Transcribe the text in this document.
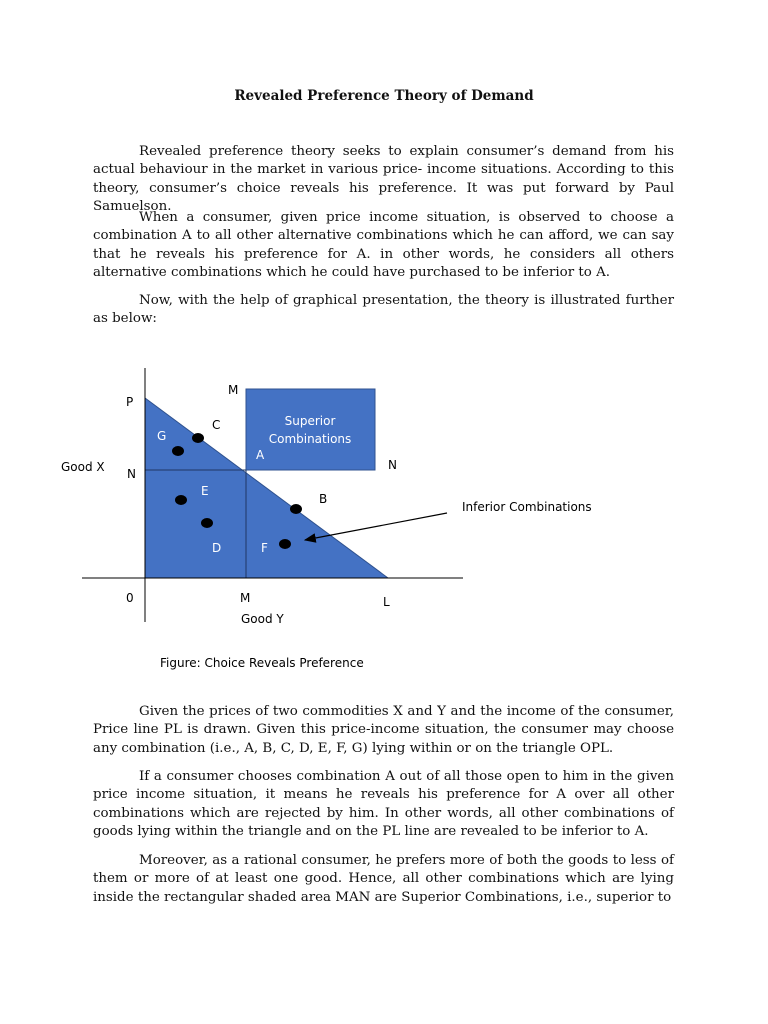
Revealed Preference Theory of Demand

Revealed preference theory seeks to explain consumer’s demand from his actual behaviour in the market in various price- income situations. According to this theory, consumer’s choice reveals his preference. It was put forward by Paul Samuelson.

When a consumer, given price income situation, is observed to choose a combination A to all other alternative combinations which he can afford, we can say that he reveals his preference for A. in other words, he considers all others alternative combinations which he could have purchased to be inferior to A.

Now, with the help of graphical presentation, the theory is illustrated further as below:

P
N
M
N
C
B
0	M	L
Good Y
Good X
Inferior Combinations
Figure: Choice Reveals Preference
G
A
E
D	F
Superior
Combinations

Given the prices of two commodities X and Y and the income of the consumer, Price line PL is drawn. Given this price-income situation, the consumer may choose any combination (i.e., A, B, C, D, E, F, G) lying within or on the triangle OPL.

If a consumer chooses combination A out of all those open to him in the given price income situation, it means he reveals his preference for A over all other combinations which are rejected by him. In other words, all other combinations of goods lying within the triangle and on the PL line are revealed to be inferior to A.

Moreover, as a rational consumer, he prefers more of both the goods to less of them or more of at least one good. Hence, all other combinations which are lying inside the rectangular shaded area MAN are Superior Combinations, i.e., superior to
